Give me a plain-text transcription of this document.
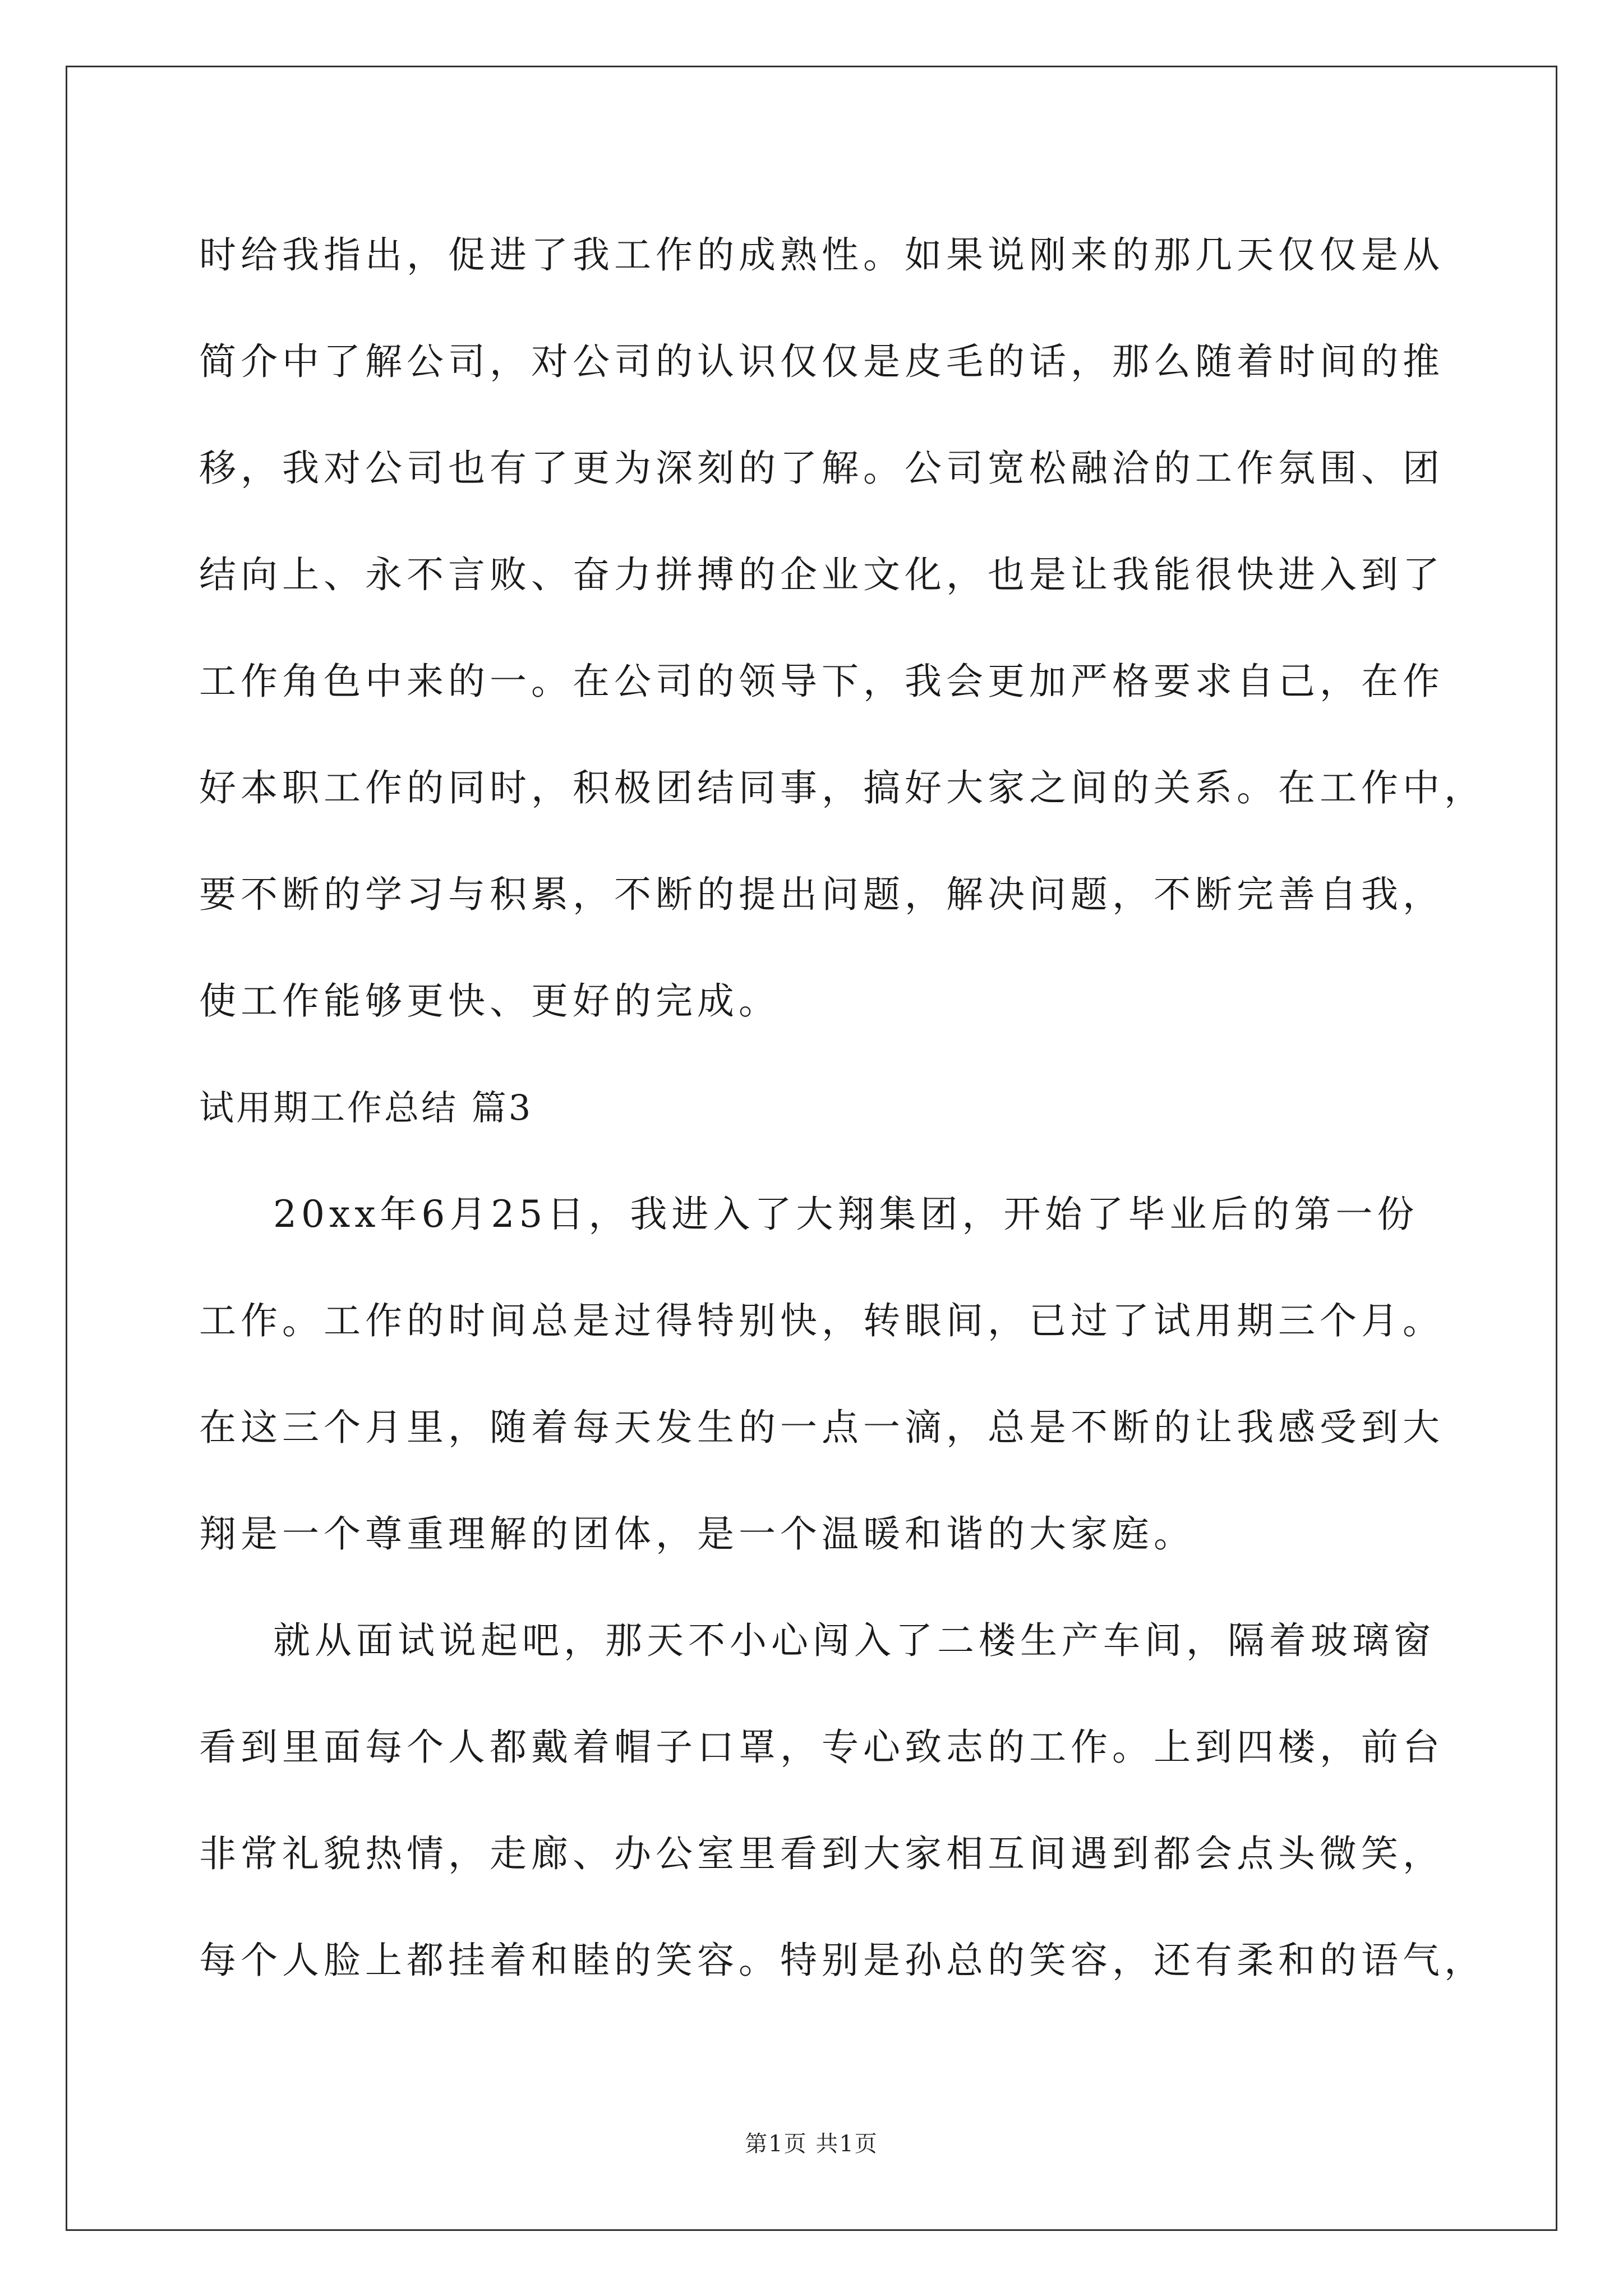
时给我指出，促进了我工作的成熟性。如果说刚来的那几天仅仅是从
简介中了解公司，对公司的认识仅仅是皮毛的话，那么随着时间的推
移，我对公司也有了更为深刻的了解。公司宽松融洽的工作氛围、团
结向上、永不言败、奋力拼搏的企业文化，也是让我能很快进入到了
工作角色中来的一。在公司的领导下，我会更加严格要求自己，在作
好本职工作的同时，积极团结同事，搞好大家之间的关系。在工作中，
要不断的学习与积累，不断的提出问题，解决问题，不断完善自我，
使工作能够更快、更好的完成。
试用期工作总结 篇3
20xx年6月25日，我进入了大翔集团，开始了毕业后的第一份
工作。工作的时间总是过得特别快，转眼间，已过了试用期三个月。
在这三个月里，随着每天发生的一点一滴，总是不断的让我感受到大
翔是一个尊重理解的团体，是一个温暖和谐的大家庭。
就从面试说起吧，那天不小心闯入了二楼生产车间，隔着玻璃窗
看到里面每个人都戴着帽子口罩，专心致志的工作。上到四楼，前台
非常礼貌热情，走廊、办公室里看到大家相互间遇到都会点头微笑，
每个人脸上都挂着和睦的笑容。特别是孙总的笑容，还有柔和的语气，
第1页 共1页
